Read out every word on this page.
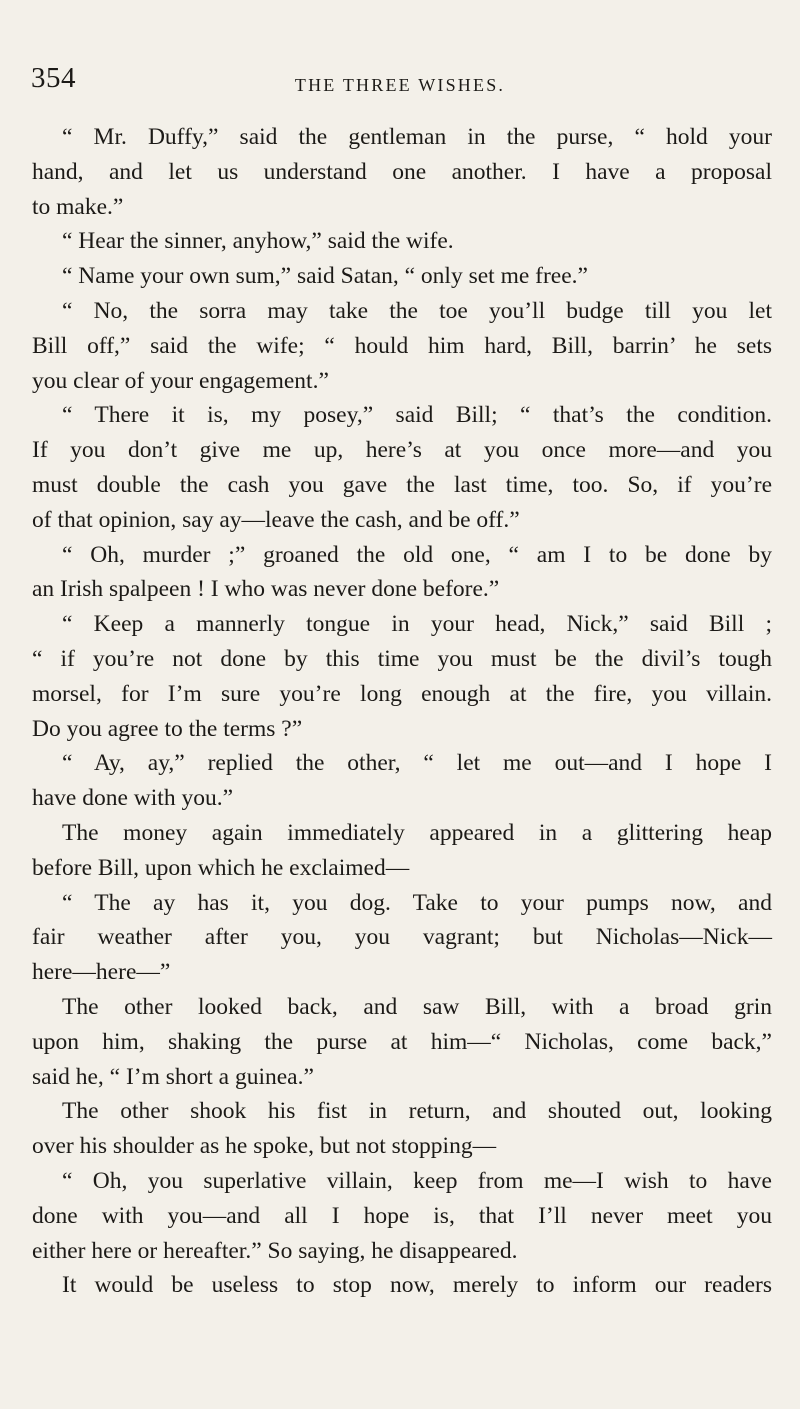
354	THE THREE WISHES.
“ Mr. Duffy,” said the gentleman in the purse, “ hold your
hand, and let us understand one another. I have a proposal
to make.”
“ Hear the sinner, anyhow,” said the wife.
“ Name your own sum,” said Satan, “ only set me free.”
“ No, the sorra may take the toe you’ll budge till you let
Bill off,” said the wife; “ hould him hard, Bill, barrin’ he sets
you clear of your engagement.”
“ There it is, my posey,” said Bill; “ that’s the condition.
If you don’t give me up, here’s at you once more—and you
must double the cash you gave the last time, too. So, if you’re
of that opinion, say ay—leave the cash, and be off.”
“ Oh, murder ;” groaned the old one, “ am I to be done by
an Irish spalpeen ! I who was never done before.”
“ Keep a mannerly tongue in your head, Nick,” said Bill ;
“ if you’re not done by this time you must be the divil’s tough
morsel, for I’m sure you’re long enough at the fire, you villain.
Do you agree to the terms ?”
“ Ay, ay,” replied the other, “ let me out—and I hope I
have done with you.”
The money again immediately appeared in a glittering heap
before Bill, upon which he exclaimed—
“ The ay has it, you dog. Take to your pumps now, and
fair weather after you, you vagrant; but Nicholas—Nick—
here—here—”
The other looked back, and saw Bill, with a broad grin
upon him, shaking the purse at him—“ Nicholas, come back,”
said he, “ I’m short a guinea.”
The other shook his fist in return, and shouted out, looking
over his shoulder as he spoke, but not stopping—
“ Oh, you superlative villain, keep from me—I wish to have
done with you—and all I hope is, that I’ll never meet you
either here or hereafter.” So saying, he disappeared.
It would be useless to stop now, merely to inform our readers
